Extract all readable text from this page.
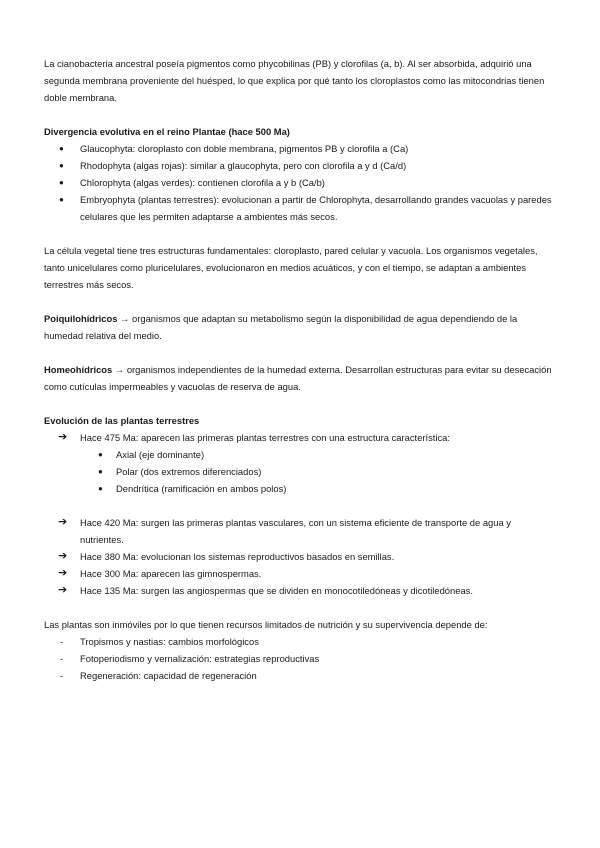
La cianobacteria ancestral poseía pigmentos como phycobilinas (PB) y clorofilas (a, b). Al ser absorbida, adquirió una segunda membrana proveniente del huésped, lo que explica por qué tanto los cloroplastos como las mitocondrias tienen doble membrana.

Divergencia evolutiva en el reino Plantae (hace 500 Ma)

● Glaucophyta: cloroplasto con doble membrana, pigmentos PB y clorofila a (Ca)
● Rhodophyta (algas rojas): similar a glaucophyta, pero con clorofila a y d (Ca/d)
● Chlorophyta (algas verdes): contienen clorofila a y b (Ca/b)
● Embryophyta (plantas terrestres): evolucionan a partir de Chlorophyta, desarrollando grandes vacuolas y paredes celulares que les permiten adaptarse a ambientes más secos.

La célula vegetal tiene tres estructuras fundamentales: cloroplasto, pared celular y vacuola. Los organismos vegetales, tanto unicelulares como pluricelulares, evolucionaron en medios acuáticos, y con el tiempo, se adaptan a ambientes terrestres más secos.

Poiquilohídricos → organismos que adaptan su metabolismo según la disponibilidad de agua dependiendo de la humedad relativa del medio.

Homeohídricos → organismos independientes de la humedad externa. Desarrollan estructuras para evitar su desecación como cutículas impermeables y vacuolas de reserva de agua.

Evolución de las plantas terrestres

➔ Hace 475 Ma: aparecen las primeras plantas terrestres con una estructura característica:
● Axial (eje dominante)
● Polar (dos extremos diferenciados)
● Dendrítica (ramificación en ambos polos)
➔ Hace 420 Ma: surgen las primeras plantas vasculares, con un sistema eficiente de transporte de agua y nutrientes.
➔ Hace 380 Ma: evolucionan los sistemas reproductivos basados en semillas.
➔ Hace 300 Ma: aparecen las gimnospermas.
➔ Hace 135 Ma: surgen las angiospermas que se dividen en monocotiledóneas y dicotiledóneas.

Las plantas son inmóviles por lo que tienen recursos limitados de nutrición y su supervivencia depende de:

- Tropismos y nastias: cambios morfológicos
- Fotoperiodismo y vernalización: estrategias reproductivas
- Regeneración: capacidad de regeneración
